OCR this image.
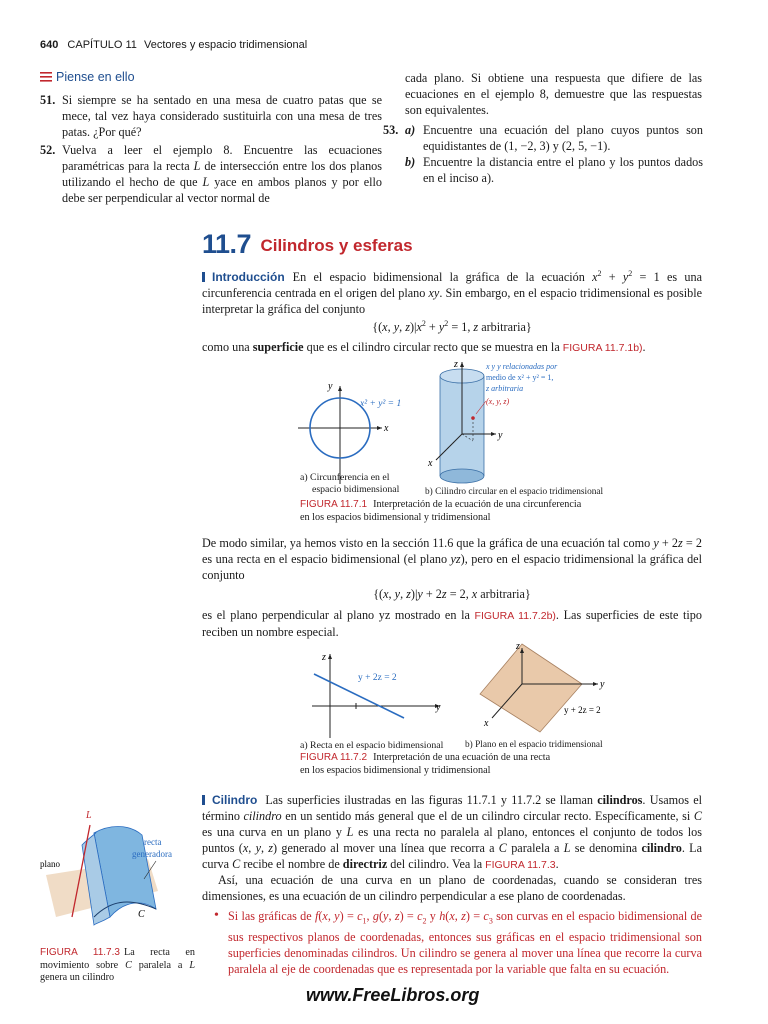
640 CAPÍTULO 11 Vectores y espacio tridimensional
Piense en ello
51. Si siempre se ha sentado en una mesa de cuatro patas que se mece, tal vez haya considerado sustituirla con una mesa de tres patas. ¿Por qué?
52. Vuelva a leer el ejemplo 8. Encuentre las ecuaciones paramétricas para la recta L de intersección entre los dos planos utilizando el hecho de que L yace en ambos planos y por ello debe ser perpendicular al vector normal de
cada plano. Si obtiene una respuesta que difiere de las ecuaciones en el ejemplo 8, demuestre que las respuestas son equivalentes.
53. a) Encuentre una ecuación del plano cuyos puntos son equidistantes de (1, −2, 3) y (2, 5, −1).
b) Encuentre la distancia entre el plano y los puntos dados en el inciso a).
11.7 Cilindros y esferas
Introducción En el espacio bidimensional la gráfica de la ecuación $x^2 + y^2 = 1$ es una circunferencia centrada en el origen del plano xy. Sin embargo, en el espacio tridimensional es posible interpretar la gráfica del conjunto
{(x, y, $z)|x^2 + y^2 = 1$, z arbitraria}
como una superficie que es el cilindro circular recto que se muestra en la FIGURA 11.7.1b).
x
y
x² + y² = 1
z
y
x
x y y relacionadas por
medio de x² + y² = 1,
z arbitraria
(x, y, z)
a) Circunferencia en el
espacio bidimensional	b) Cilindro circular en el espacio tridimensional
FIGURA 11.7.1 Interpretación de la ecuación de una circunferencia
en los espacios bidimensional y tridimensional
De modo similar, ya hemos visto en la sección 11.6 que la gráfica de una ecuación tal como y + 2z = 2 es una recta en el espacio bidimensional (el plano yz), pero en el espacio tridimensional la gráfica del conjunto
{(x, y, z)|y + 2z = 2, x arbitraria}
es el plano perpendicular al plano yz mostrado en la FIGURA 11.7.2b). Las superficies de este tipo reciben un nombre especial.
z
y
y + 2z = 2
z
y
x
y + 2z = 2
a) Recta en el espacio bidimensional b) Plano en el espacio tridimensional
FIGURA 11.7.2 Interpretación de una ecuación de una recta
en los espacios bidimensional y tridimensional
Cilindro Las superficies ilustradas en las figuras 11.7.1 y 11.7.2 se llaman cilindros. Usamos el término cilindro en un sentido más general que el de un cilindro circular recto. Específicamente, si C es una curva en un plano y L es una recta no paralela al plano, entonces el conjunto de todos los puntos (x, y, z) generado al mover una línea que recorra a C paralela a L se denomina cilindro. La curva C recibe el nombre de directriz del cilindro. Vea la FIGURA 11.7.3.
Así, una ecuación de una curva en un plano de coordenadas, cuando se consideran tres dimensiones, es una ecuación de un cilindro perpendicular a ese plano de coordenadas.
• Si las gráficas de f(x, $y) = c_1$, g(y, $z) = c_2$ y h(x, $z) = c_3$ son curvas en el espacio bidimensional de sus respectivos planos de coordenadas, entonces sus gráficas en el espacio tridimensional son superficies denominadas cilindros. Un cilindro se genera al mover una línea que recorre la curva paralela al eje de coordenadas que es representada por la variable que falta en su ecuación.
L
recta
generadora
plano
C
FIGURA 11.7.3 La recta en movimiento sobre C paralela a L genera un cilindro
www.FreeLibros.org
